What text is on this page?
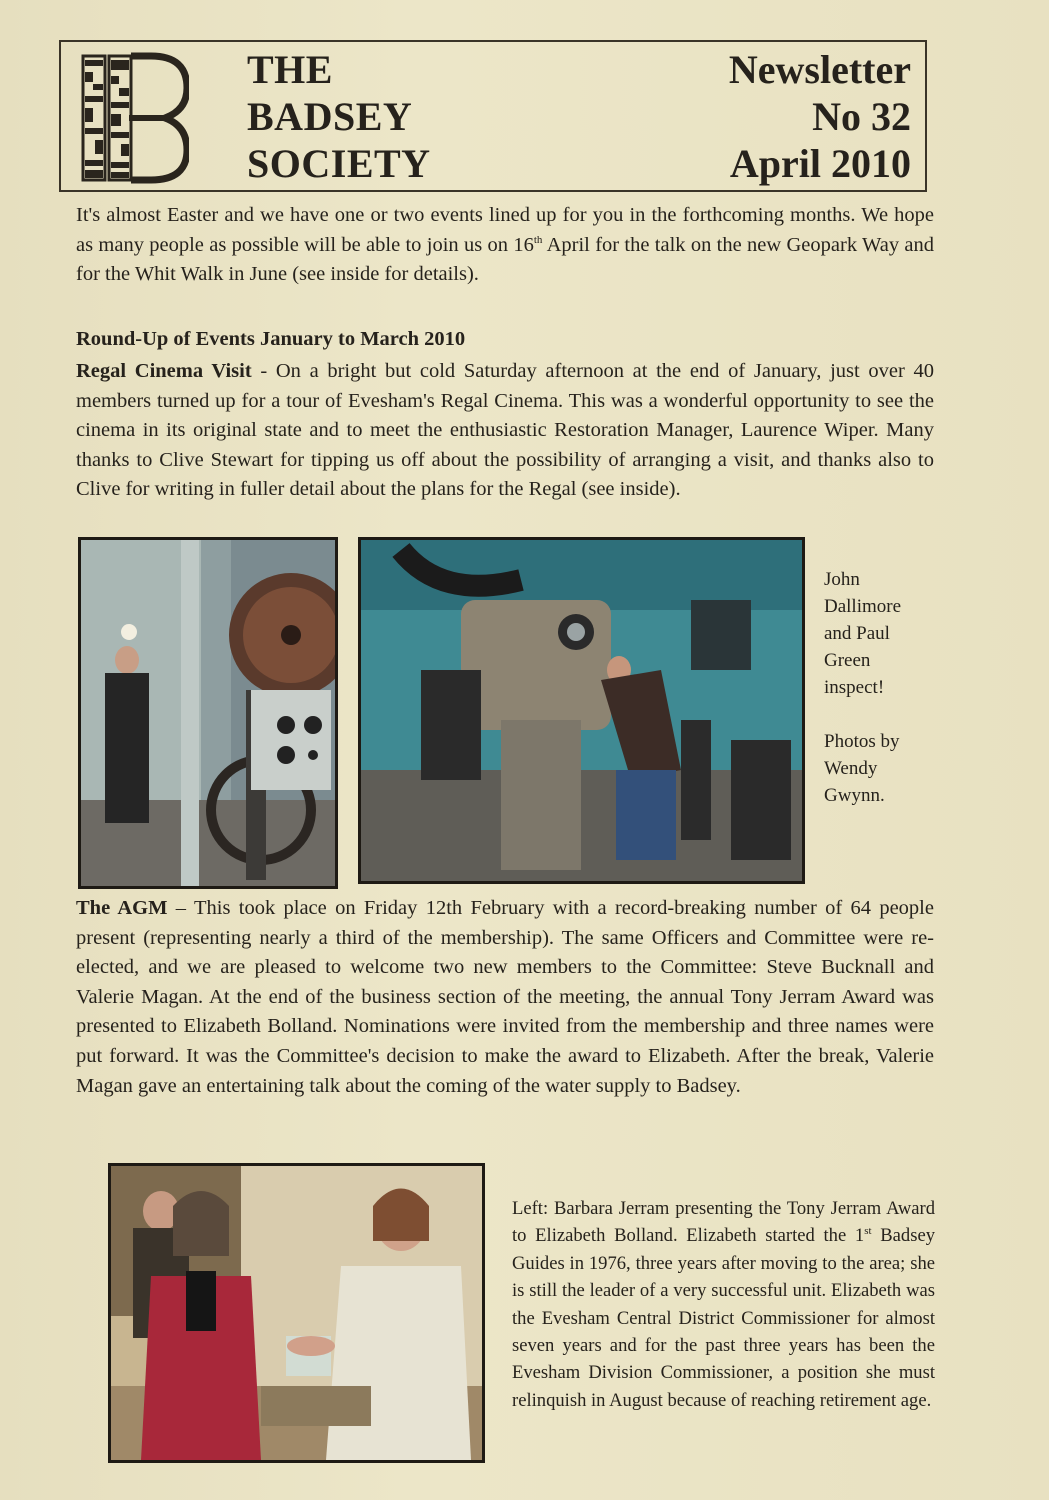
THE
BADSEY
SOCIETY
Newsletter
No 32
April 2010
It's almost Easter and we have one or two events lined up for you in the forthcoming months. We hope as many people as possible will be able to join us on 16th April for the talk on the new Geopark Way and for the Whit Walk in June (see inside for details).
Round-Up of Events January to March 2010
Regal Cinema Visit - On a bright but cold Saturday afternoon at the end of January, just over 40 members turned up for a tour of Evesham's Regal Cinema. This was a wonderful opportunity to see the cinema in its original state and to meet the enthusiastic Restoration Manager, Laurence Wiper. Many thanks to Clive Stewart for tipping us off about the possibility of arranging a visit, and thanks also to Clive for writing in fuller detail about the plans for the Regal (see inside).
John
Dallimore
and Paul
Green
inspect!
Photos by
Wendy
Gwynn.
The AGM – This took place on Friday 12th February with a record-breaking number of 64 people present (representing nearly a third of the membership). The same Officers and Committee were re-elected, and we are pleased to welcome two new members to the Committee: Steve Bucknall and Valerie Magan. At the end of the business section of the meeting, the annual Tony Jerram Award was presented to Elizabeth Bolland. Nominations were invited from the membership and three names were put forward. It was the Committee's decision to make the award to Elizabeth. After the break, Valerie Magan gave an entertaining talk about the coming of the water supply to Badsey.
Left: Barbara Jerram presenting the Tony Jerram Award to Elizabeth Bolland. Elizabeth started the 1st Badsey Guides in 1976, three years after moving to the area; she is still the leader of a very successful unit. Elizabeth was the Evesham Central District Commissioner for almost seven years and for the past three years has been the Evesham Division Commissioner, a position she must relinquish in August because of reaching retirement age.
